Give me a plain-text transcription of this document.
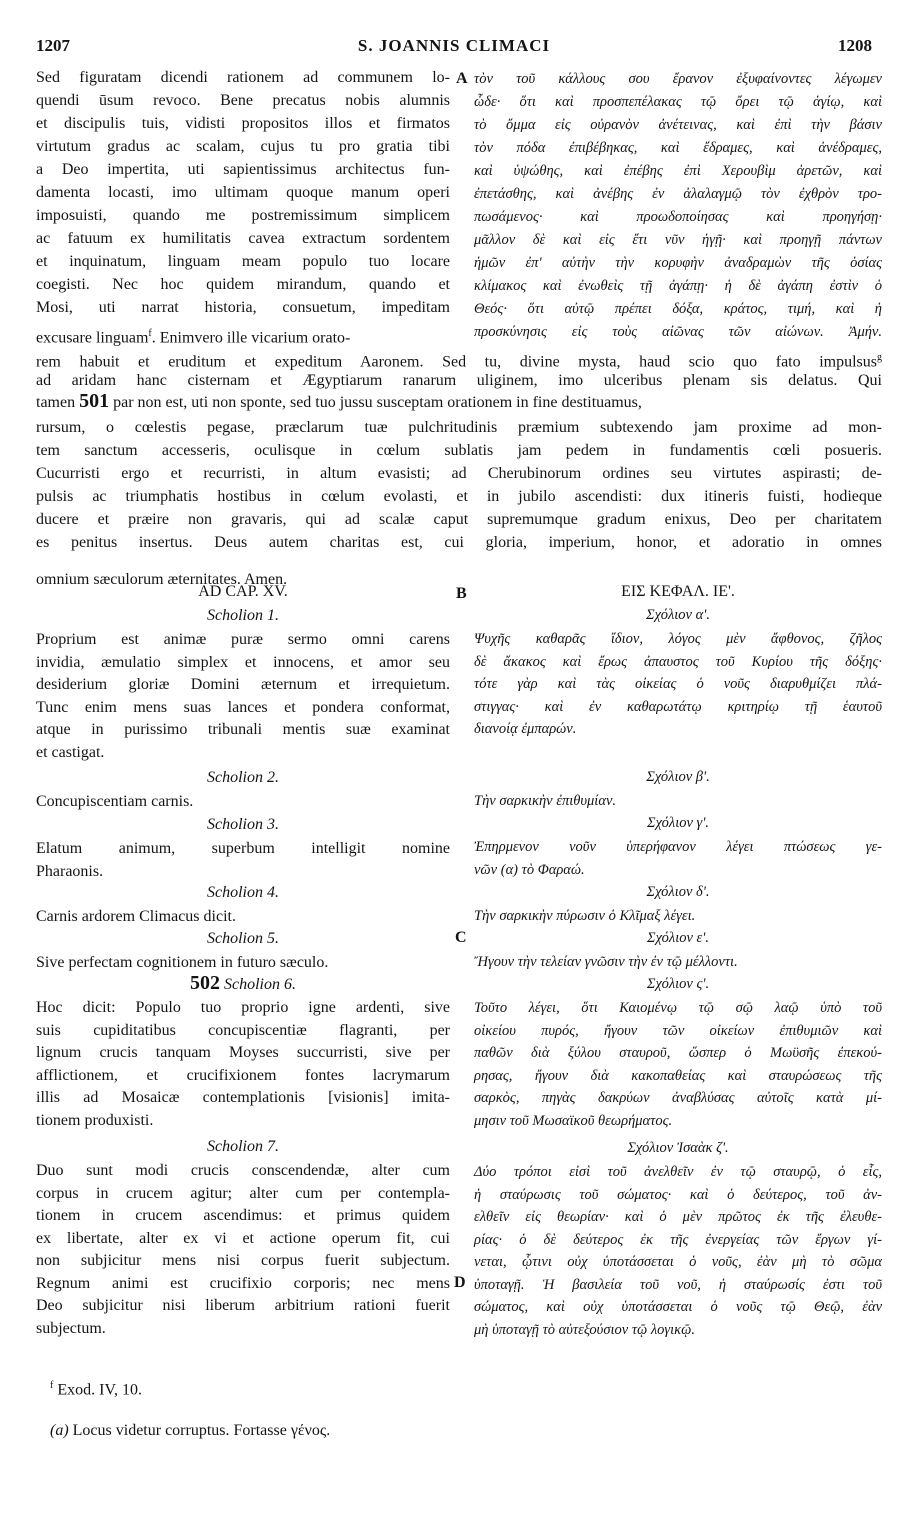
1207	S. JOANNIS CLIMACI	1208
Sed figuratam dicendi rationem ad communem lo-
quendi ūsum revoco. Bene precatus nobis alumnis
et discipulis tuis, vidisti propositos illos et firmatos
virtutum gradus ac scalam, cujus tu pro gratia tibi
a Deo impertita, uti sapientissimus architectus fun-
damenta locasti, imo ultimam quoque manum operi
imposuisti, quando me postremissimum simplicem
ac fatuum ex humilitatis cavea extractum sordentem
et inquinatum, linguam meam populo tuo locare
coegisti. Nec hoc quidem mirandum, quando et
Mosi, uti narrat historia, consuetum, impeditam
excusare linguam$^f$. Enimvero ille vicarium orato-
τὸν τοῦ κάλλους σου ἔρανον ἐξυφαίνοντες λέγωμεν
ὧδε· ὅτι καὶ προσπεπέλακας τῷ ὄρει τῷ ἁγίῳ, καὶ
τὸ ὄμμα εἰς οὐρανὸν ἀνέτεινας, καὶ ἐπὶ τὴν βάσιν
τὸν πόδα ἐπιβέβηκας, καὶ ἔδραμες, καὶ ἀνέδραμες,
καὶ ὑψώθης, καὶ ἐπέβης ἐπὶ Χερουβὶμ ἀρετῶν, καὶ
ἐπετάσθης, καὶ ἀνέβης ἐν ἀλαλαγμῷ τὸν ἐχθρὸν τρο-
πωσάμενος· καὶ προωδοποίησας καὶ προηγήσῃ·
μᾶλλον δὲ καὶ εἰς ἔτι νῦν ἡγῇ· καὶ προηγῇ πάντων
ἡμῶν ἐπ' αὐτὴν τὴν κορυφὴν ἀναδραμὼν τῆς ὁσίας
κλίμακος καὶ ἐνωθεὶς τῇ ἀγάπῃ· ἡ δὲ ἀγάπη ἐστὶν ὁ
Θεός· ὅτι αὐτῷ πρέπει δόξα, κράτος, τιμή, καὶ ἡ
προσκύνησις εἰς τοὺς αἰῶνας τῶν αἰώνων. Ἀμήν.
A
rem habuit et eruditum et expeditum Aaronem. Sed tu, divine mysta, haud scio quo fato impulsus$^g$
ad aridam hanc cisternam et Ægyptiarum ranarum uliginem, imo ulceribus plenam sis delatus. Qui
tamen 501 par non est, uti non sponte, sed tuo jussu susceptam orationem in fine destituamus,
rursum, o cœlestis pegase, præclarum tuæ pulchritudinis præmium subtexendo jam proxime ad mon-
tem sanctum accesseris, oculisque in cœlum sublatis jam pedem in fundamentis cœli posueris.
Cucurristi ergo et recurristi, in altum evasisti; ad Cherubinorum ordines seu virtutes aspirasti; de-
pulsis ac triumphatis hostibus in cœlum evolasti, et in jubilo ascendisti: dux itineris fuisti, hodieque
ducere et præire non gravaris, qui ad scalæ caput supremumque gradum enixus, Deo per charitatem
es penitus insertus. Deus autem charitas est, cui gloria, imperium, honor, et adoratio in omnes
omnium sæculorum æternitates. Amen.
AD CAP. XV.
Scholion 1.
Proprium est animæ puræ sermo omni carens
invidia, æmulatio simplex et innocens, et amor seu
desiderium gloriæ Domini æternum et irrequietum.
Tunc enim mens suas lances et pondera conformat,
atque in purissimo tribunali mentis suæ examinat
et castigat.
Scholion 2.
Concupiscentiam carnis.
Scholion 3.
Elatum animum, superbum intelligit nomine
Pharaonis.
Scholion 4.
Carnis ardorem Climacus dicit.
Scholion 5.
Sive perfectam cognitionem in futuro sæculo.
502 Scholion 6.
Hoc dicit: Populo tuo proprio igne ardenti, sive
suis cupiditatibus concupiscentiæ flagranti, per
lignum crucis tanquam Moyses succurristi, sive per
afflictionem, et crucifixionem fontes lacrymarum
illis ad Mosaicæ contemplationis [visionis] imita-
tionem produxisti.
Scholion 7.
Duo sunt modi crucis conscendendæ, alter cum
corpus in crucem agitur; alter cum per contempla-
tionem in crucem ascendimus: et primus quidem
ex libertate, alter ex vi et actione operum fit, cui
non subjicitur mens nisi corpus fuerit subjectum.
Regnum animi est crucifixio corporis; nec mens
Deo subjicitur nisi liberum arbitrium rationi fuerit
subjectum.
ΕΙΣ ΚΕΦΑΛ. ΙΕ'.
Σχόλιον α'.
Ψυχῆς καθαρᾶς ἴδιον, λόγος μὲν ἄφθονος, ζῆλος
δὲ ἄκακος καὶ ἔρως ἀπαυστος τοῦ Κυρίου τῆς δόξης·
τότε γὰρ καὶ τὰς οἰκείας ὁ νοῦς διαρυθμίζει πλά-
στιγγας· καὶ ἐν καθαρωτάτῳ κριτηρίῳ τῇ ἑαυτοῦ
διανοίᾳ ἐμπαρών.
Σχόλιον β'.
Τὴν σαρκικὴν ἐπιθυμίαν.
Σχόλιον γ'.
Ἐπηρμενον νοῦν ὑπερήφανον λέγει πτώσεως γε-
νῶν (α) τὸ Φαραώ.
Σχόλιον δ'.
Τὴν σαρκικὴν πύρωσιν ὁ Κλῖμαξ λέγει.
Σχόλιον ε'.
Ἤγουν τὴν τελείαν γνῶσιν τὴν ἐν τῷ μέλλοντι.
Σχόλιον ς'.
Τοῦτο λέγει, ὅτι Καιομένῳ τῷ σῷ λαῷ ὑπὸ τοῦ
οἰκείου πυρός, ἤγουν τῶν οἰκείων ἐπιθυμιῶν καὶ
παθῶν διὰ ξύλου σταυροῦ, ὥσπερ ὁ Μωϋσῆς ἐπεκού-
ρησας, ἤγουν διὰ κακοπαθείας καὶ σταυρώσεως τῆς
σαρκὸς, πηγὰς δακρύων ἀναβλύσας αὐτοῖς κατὰ μί-
μησιν τοῦ Μωσαϊκοῦ θεωρήματος.
Σχόλιον Ἰσαὰκ ζ'.
Δύο τρόποι εἰσὶ τοῦ ἀνελθεῖν ἐν τῷ σταυρῷ, ὁ εἷς,
ἡ σταύρωσις τοῦ σώματος· καὶ ὁ δεύτερος, τοῦ ἀν-
ελθεῖν εἰς θεωρίαν· καὶ ὁ μὲν πρῶτος ἐκ τῆς ἐλευθε-
ρίας· ὁ δὲ δεύτερος ἐκ τῆς ἐνεργείας τῶν ἔργων γί-
νεται, ᾧτινι οὐχ ὑποτάσσεται ὁ νοῦς, ἐὰν μὴ τὸ σῶμα
ὑποταγῇ. Ἡ βασιλεία τοῦ νοῦ, ἡ σταύρωσίς ἐστι τοῦ
σώματος, καὶ οὐχ ὑποτάσσεται ὁ νοῦς τῷ Θεῷ, ἐὰν
μὴ ὑποταγῇ τὸ αὐτεξούσιον τῷ λογικῷ.
B
C
D
$^f$ Exod. IV, 10.
(a) Locus videtur corruptus. Fortasse γένος.
